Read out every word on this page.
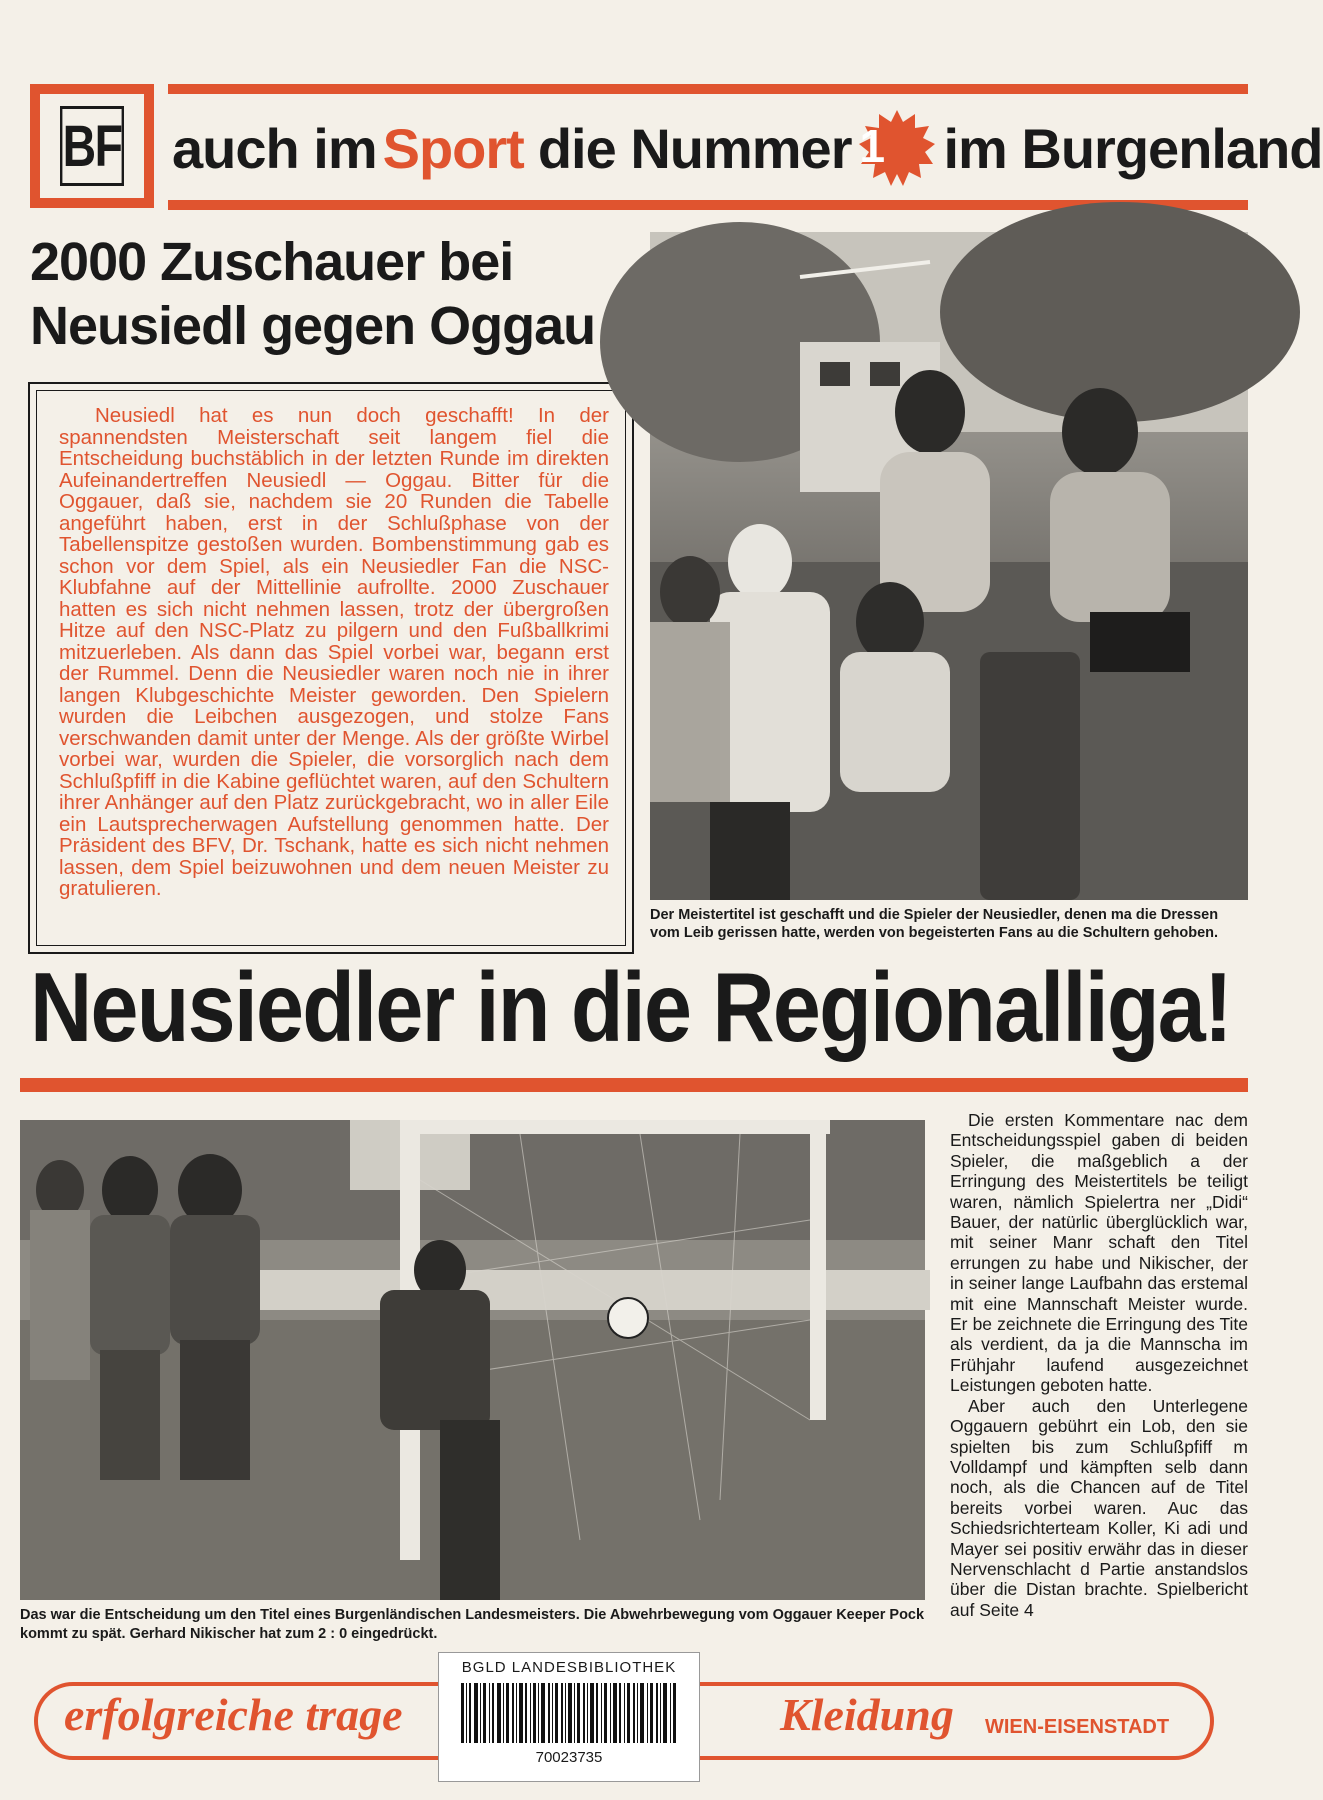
BF auch im Sport die Nummer 1	im Burgenland
2000 Zuschauer bei
Neusiedl gegen Oggau

Neusiedl hat es nun doch geschafft! In der spannendsten Meisterschaft seit langem fiel die Entscheidung buchstäblich in der letzten Runde im direkten Aufeinandertreffen Neusiedl — Oggau. Bitter für die Oggauer, daß sie, nachdem sie 20 Runden die Tabelle angeführt haben, erst in der Schlußphase von der Tabellenspitze gestoßen wurden. Bombenstimmung gab es schon vor dem Spiel, als ein Neusiedler Fan die NSC-Klubfahne auf der Mittellinie aufrollte. 2000 Zuschauer hatten es sich nicht nehmen lassen, trotz der übergroßen Hitze auf den NSC-Platz zu pilgern und den Fußballkrimi mitzuerleben. Als dann das Spiel vorbei war, begann erst der Rummel. Denn die Neusiedler waren noch nie in ihrer langen Klubgeschichte Meister geworden. Den Spielern wurden die Leibchen ausgezogen, und stolze Fans verschwanden damit unter der Menge. Als der größte Wirbel vorbei war, wurden die Spieler, die vorsorglich nach dem Schlußpfiff in die Kabine geflüchtet waren, auf den Schultern ihrer Anhänger auf den Platz zurückgebracht, wo in aller Eile ein Lautsprecherwagen Aufstellung genommen hatte. Der Präsident des BFV, Dr. Tschank, hatte es sich nicht nehmen lassen, dem Spiel beizuwohnen und dem neuen Meister zu gratulieren.

Der Meistertitel ist geschafft und die Spieler der Neusiedler, denen ma die Dressen vom Leib gerissen hatte, werden von begeisterten Fans au die Schultern gehoben.
Neusiedler in die Regionalliga!
Das war die Entscheidung um den Titel eines Burgenländischen Landesmeisters. Die Abwehrbewegung vom Oggauer Keeper Pock kommt zu spät. Gerhard Nikischer hat zum 2 : 0 eingedrückt.

Die ersten Kommentare nac dem Entscheidungsspiel gaben di beiden Spieler, die maßgeblich a der Erringung des Meistertitels be teiligt waren, nämlich Spielertra ner „Didi“ Bauer, der natürlic überglücklich war, mit seiner Manr schaft den Titel errungen zu habe und Nikischer, der in seiner lange Laufbahn das erstemal mit eine Mannschaft Meister wurde. Er be zeichnete die Erringung des Tite als verdient, da ja die Mannscha im Frühjahr laufend ausgezeichnet Leistungen geboten hatte.

Aber auch den Unterlegene Oggauern gebührt ein Lob, den sie spielten bis zum Schlußpfiff m Volldampf und kämpften selb dann noch, als die Chancen auf de Titel bereits vorbei waren. Auc das Schiedsrichterteam Koller, Ki adi und Mayer sei positiv erwähr das in dieser Nervenschlacht d Partie anstandslos über die Distan brachte. Spielbericht auf Seite 4

erfolgreiche trage	Kleidung WIEN-EISENSTADT
BGLD LANDESBIBLIOTHEK
70023735
